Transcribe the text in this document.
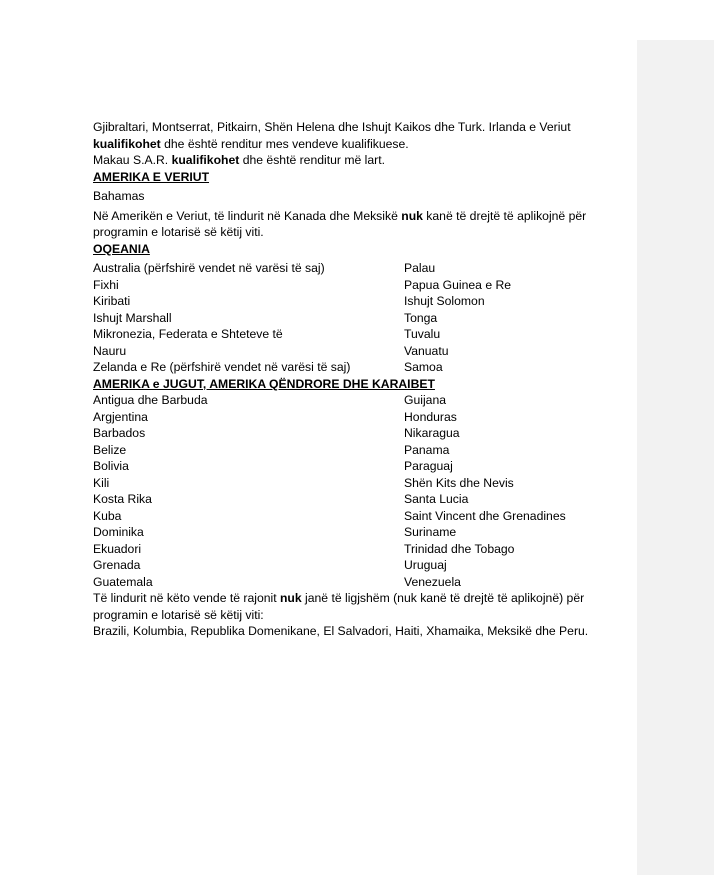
Gjibraltari, Montserrat, Pitkairn, Shën Helena dhe Ishujt Kaikos dhe Turk. Irlanda e Veriut kualifikohet dhe është renditur mes vendeve kualifikuese.

Makau S.A.R. kualifikohet dhe është renditur më lart.

AMERIKA E VERIUT

Bahamas

Në Amerikën e Veriut, të lindurit në Kanada dhe Meksikë nuk kanë të drejtë të aplikojnë për programin e lotarisë së këtij viti.

OQEANIA

Australia (përfshirë vendet në varësi të saj)
Fixhi
Kiribati
Ishujt Marshall
Mikronezia, Federata e Shteteve të
Nauru
Zelanda e Re (përfshirë vendet në varësi të saj)
Palau
Papua Guinea e Re
Ishujt Solomon
Tonga
Tuvalu
Vanuatu
Samoa

AMERIKA e JUGUT, AMERIKA QËNDRORE DHE KARAIBET

Antigua dhe Barbuda
Argjentina
Barbados
Belize
Bolivia
Kili
Kosta Rika
Kuba
Dominika
Ekuadori
Grenada
Guatemala
Guijana
Honduras
Nikaragua
Panama
Paraguaj
Shën Kits dhe Nevis
Santa Lucia
Saint Vincent dhe Grenadines
Suriname
Trinidad dhe Tobago
Uruguaj
Venezuela

Të lindurit në këto vende të rajonit nuk janë të ligjshëm (nuk kanë të drejtë të aplikojnë) për programin e lotarisë së këtij viti:

Brazili, Kolumbia, Republika Domenikane, El Salvadori, Haiti, Xhamaika, Meksikë dhe Peru.
